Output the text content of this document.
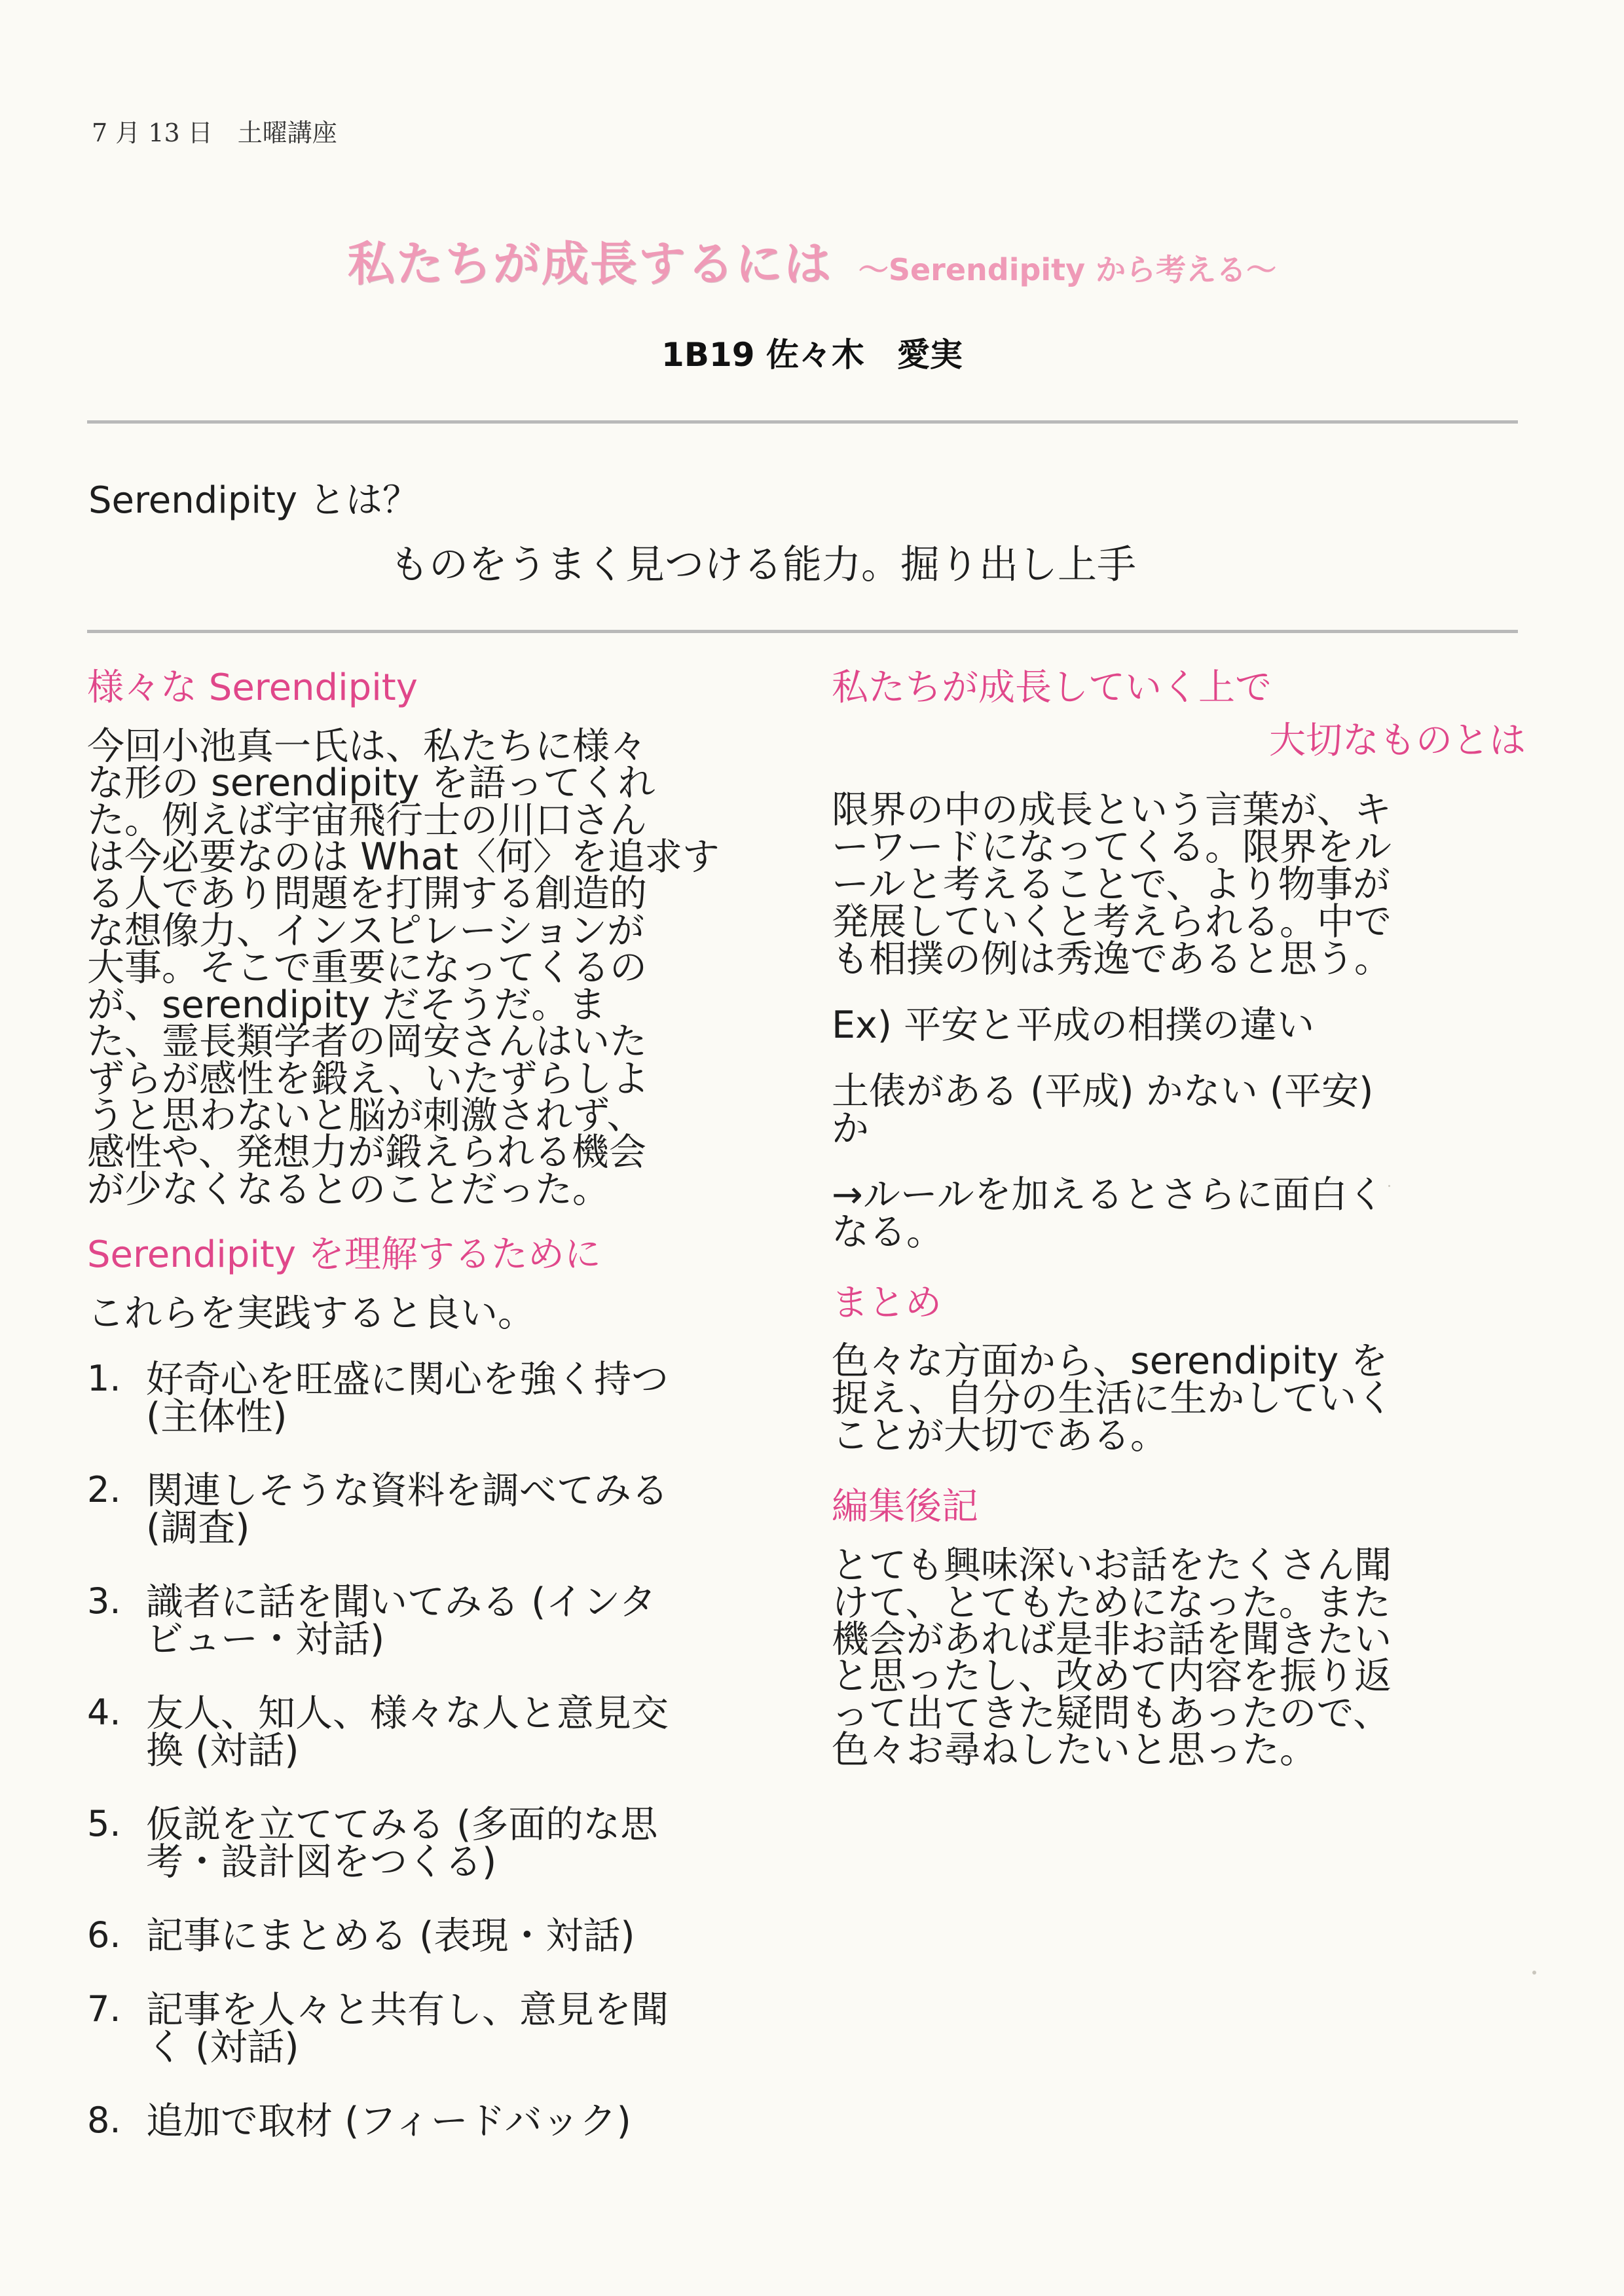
7 月 13 日　土曜講座
私たちが成長するには 〜Serendipity から考える〜
1B19 佐々木　愛実
Serendipity とは？
ものをうまく見つける能力。掘り出し上手
様々な Serendipity
今回小池真一氏は、私たちに様々
な形の serendipity を語ってくれ
た。例えば宇宙飛行士の川口さん
は今必要なのは What〈何〉を追求す
る人であり問題を打開する創造的
な想像力、インスピレーションが
大事。そこで重要になってくるの
が、serendipity だそうだ。ま
た、霊長類学者の岡安さんはいた
ずらが感性を鍛え、いたずらしよ
うと思わないと脳が刺激されず、
感性や、発想力が鍛えられる機会
が少なくなるとのことだった。
Serendipity を理解するために
これらを実践すると良い。
1. 好奇心を旺盛に関心を強く持つ
(主体性)
2. 関連しそうな資料を調べてみる
(調査)
3. 識者に話を聞いてみる (インタ
ビュー・対話)
4. 友人、知人、様々な人と意見交
換 (対話)
5. 仮説を立ててみる (多面的な思
考・設計図をつくる)
6. 記事にまとめる (表現・対話)
7. 記事を人々と共有し、意見を聞
く (対話)
8. 追加で取材 (フィードバック)
私たちが成長していく上で
大切なものとは
限界の中の成長という言葉が、キ
ーワードになってくる。限界をル
ールと考えることで、より物事が
発展していくと考えられる。中で
も相撲の例は秀逸であると思う。
Ex) 平安と平成の相撲の違い
土俵がある (平成) かない (平安)
か
→ルールを加えるとさらに面白く
なる。
まとめ
色々な方面から、serendipity を
捉え、自分の生活に生かしていく
ことが大切である。
編集後記
とても興味深いお話をたくさん聞
けて、とてもためになった。また
機会があれば是非お話を聞きたい
と思ったし、改めて内容を振り返
って出てきた疑問もあったので、
色々お尋ねしたいと思った。
